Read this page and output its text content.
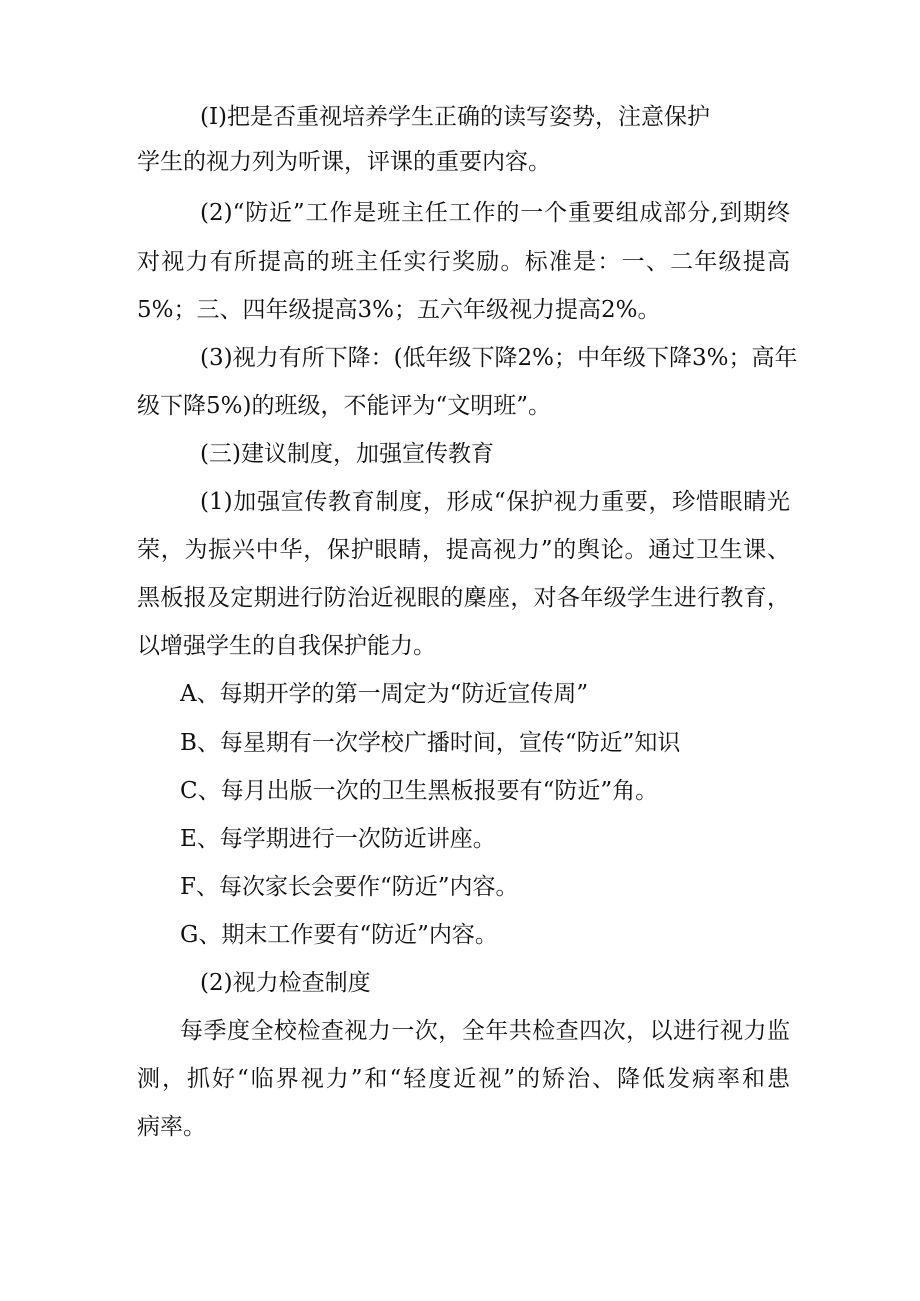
(I)把是否重视培养学生正确的读写姿势，注意保护
学生的视力列为听课，评课的重要内容。
(2)“防近”工作是班主任工作的一个重要组成部分,到期终
对视力有所提高的班主任实行奖励。标准是：一、二年级提高
5%；三、四年级提高3%；五六年级视力提高2%。
(3)视力有所下降：(低年级下降2%；中年级下降3%；高年
级下降5%)的班级，不能评为“文明班”。
(三)建议制度，加强宣传教育
(1)加强宣传教育制度，形成“保护视力重要，珍惜眼睛光
荣，为振兴中华，保护眼睛，提高视力”的舆论。通过卫生课、
黑板报及定期进行防治近视眼的麇座，对各年级学生进行教育，
以增强学生的自我保护能力。
A、每期开学的第一周定为“防近宣传周”
B、每星期有一次学校广播时间，宣传“防近”知识
C、每月出版一次的卫生黑板报要有“防近”角。
E、每学期进行一次防近讲座。
F、每次家长会要作“防近”内容。
G、期末工作要有“防近”内容。
(2)视力检查制度
每季度全校检查视力一次，全年共检查四次，以进行视力监
测，抓好“临界视力”和“轻度近视”的矫治、降低发病率和患
病率。
